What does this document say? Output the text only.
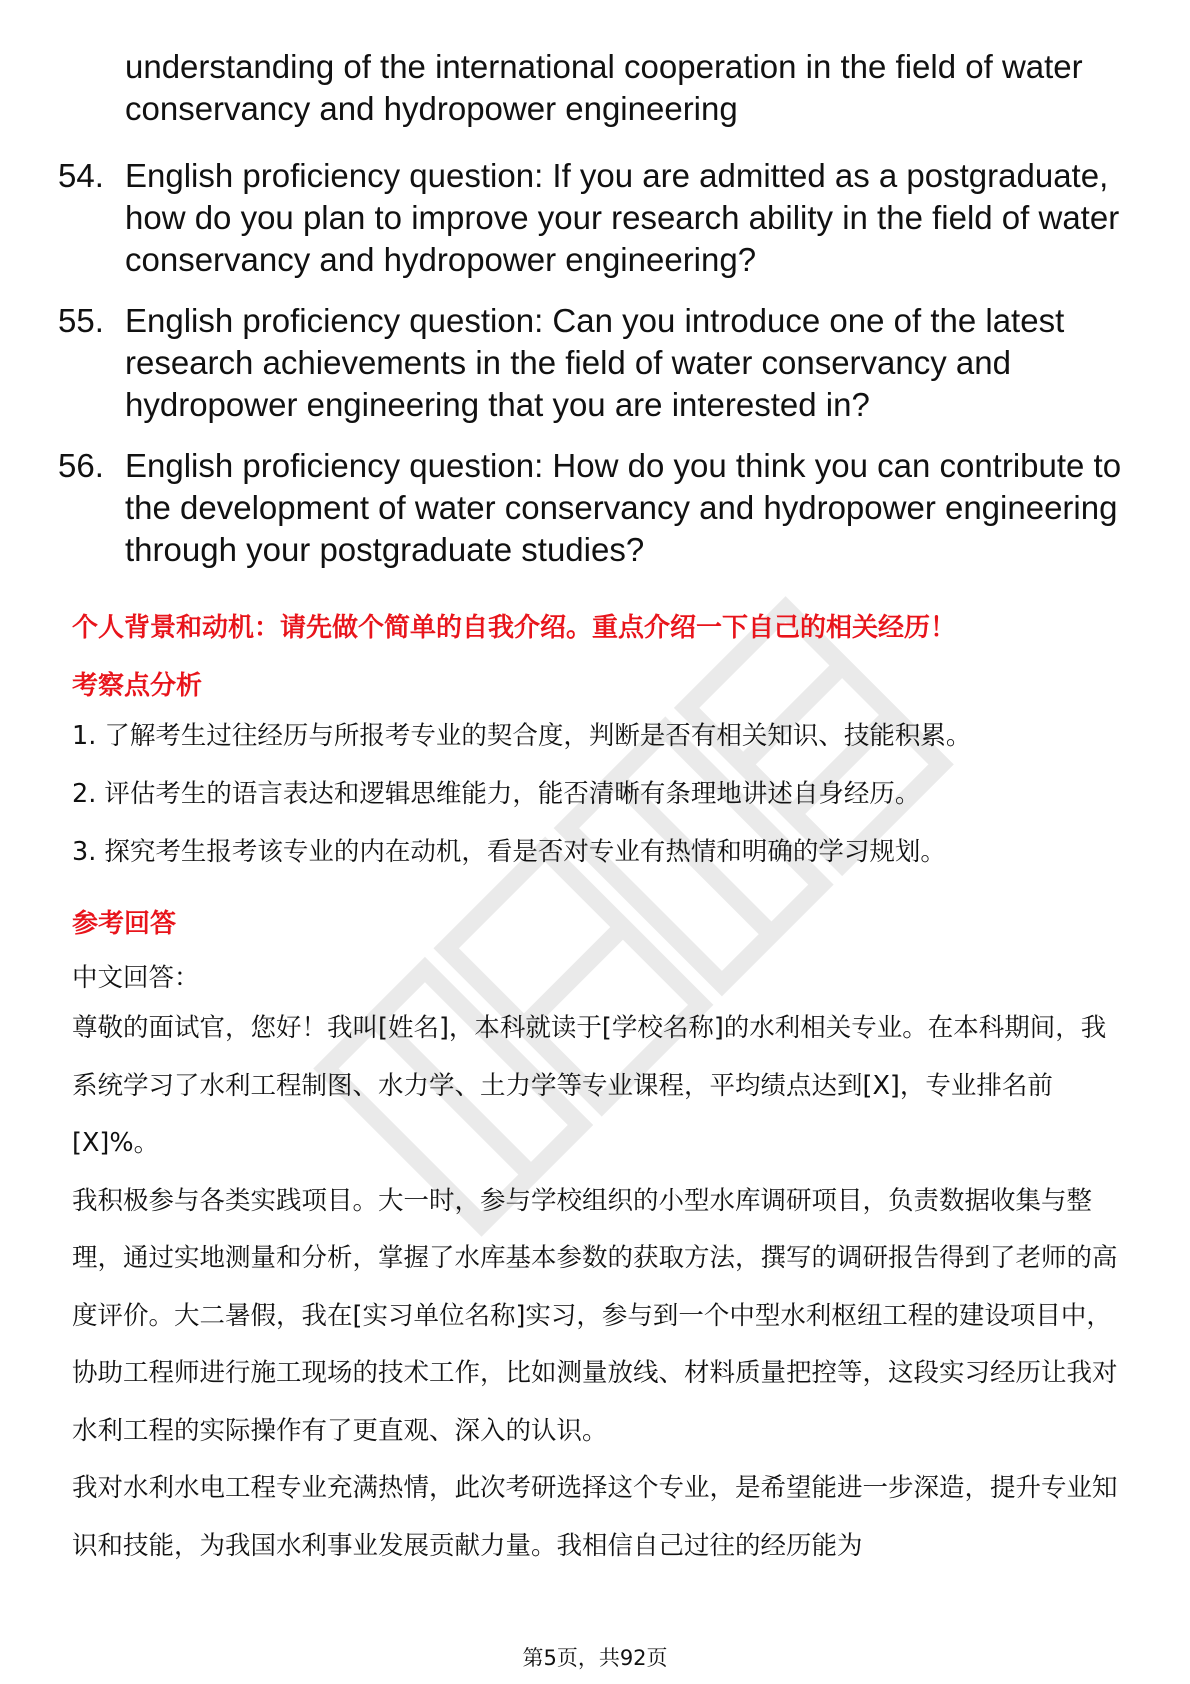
understanding of the international cooperation in the field of water conservancy and hydropower engineering
54. English proficiency question: If you are admitted as a postgraduate, how do you plan to improve your research ability in the field of water conservancy and hydropower engineering?
55. English proficiency question: Can you introduce one of the latest research achievements in the field of water conservancy and hydropower engineering that you are interested in?
56. English proficiency question: How do you think you can contribute to the development of water conservancy and hydropower engineering through your postgraduate studies?
个人背景和动机：请先做个简单的自我介绍。重点介绍一下自己的相关经历！
考察点分析
1. 了解考生过往经历与所报考专业的契合度，判断是否有相关知识、技能积累。
2. 评估考生的语言表达和逻辑思维能力，能否清晰有条理地讲述自身经历。
3. 探究考生报考该专业的内在动机，看是否对专业有热情和明确的学习规划。
参考回答
中文回答：

尊敬的面试官，您好！我叫[姓名]，本科就读于[学校名称]的水利相关专业。在本科期间，我系统学习了水利工程制图、水力学、土力学等专业课程，平均绩点达到[X]，专业排名前[X]%。

我积极参与各类实践项目。大一时，参与学校组织的小型水库调研项目，负责数据收集与整理，通过实地测量和分析，掌握了水库基本参数的获取方法，撰写的调研报告得到了老师的高度评价。大二暑假，我在[实习单位名称]实习，参与到一个中型水利枢纽工程的建设项目中，协助工程师进行施工现场的技术工作，比如测量放线、材料质量把控等，这段实习经历让我对水利工程的实际操作有了更直观、深入的认识。

我对水利水电工程专业充满热情，此次考研选择这个专业，是希望能进一步深造，提升专业知识和技能，为我国水利事业发展贡献力量。我相信自己过往的经历能为

第5页，共92页
